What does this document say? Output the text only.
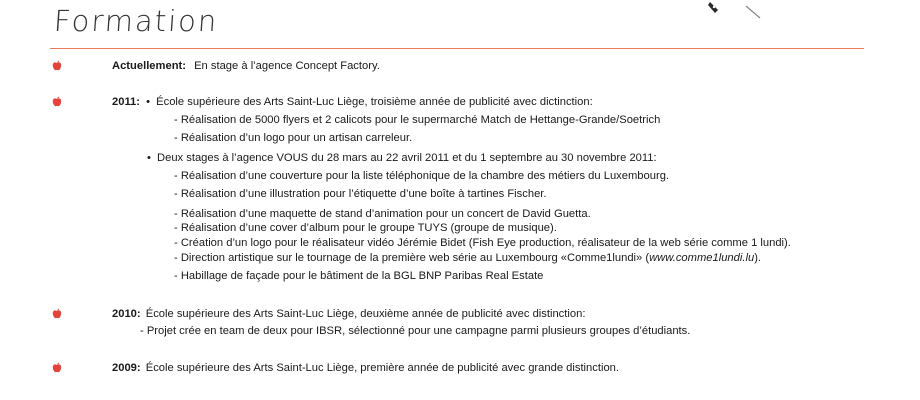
Formation
Actuellement: En stage à l’agence Concept Factory.
2011: • École supérieure des Arts Saint-Luc Liège, troisième année de publicité avec dictinction:
- Réalisation de 5000 flyers et 2 calicots pour le supermarché Match de Hettange-Grande/Soetrich
- Réalisation d’un logo pour un artisan carreleur.
• Deux stages à l’agence VOUS du 28 mars au 22 avril 2011 et du 1 septembre au 30 novembre 2011:
- Réalisation d’une couverture pour la liste téléphonique de la chambre des métiers du Luxembourg.
- Réalisation d’une illustration pour l’étiquette d’une boîte à tartines Fischer.
- Réalisation d’une maquette de stand d’animation pour un concert de David Guetta.
- Réalisation d’une cover d’album pour le groupe TUYS (groupe de musique).
- Création d’un logo pour le réalisateur vidéo Jérémie Bidet (Fish Eye production, réalisateur de la web série comme 1 lundi).
- Direction artistique sur le tournage de la première web série au Luxembourg «Comme1lundi» (www.comme1lundi.lu).
- Habillage de façade pour le bâtiment de la BGL BNP Paribas Real Estate
2010: École supérieure des Arts Saint-Luc Liège, deuxième année de publicité avec distinction:
- Projet crée en team de deux pour IBSR, sélectionné pour une campagne parmi plusieurs groupes d’étudiants.
2009: École supérieure des Arts Saint-Luc Liège, première année de publicité avec grande distinction.
